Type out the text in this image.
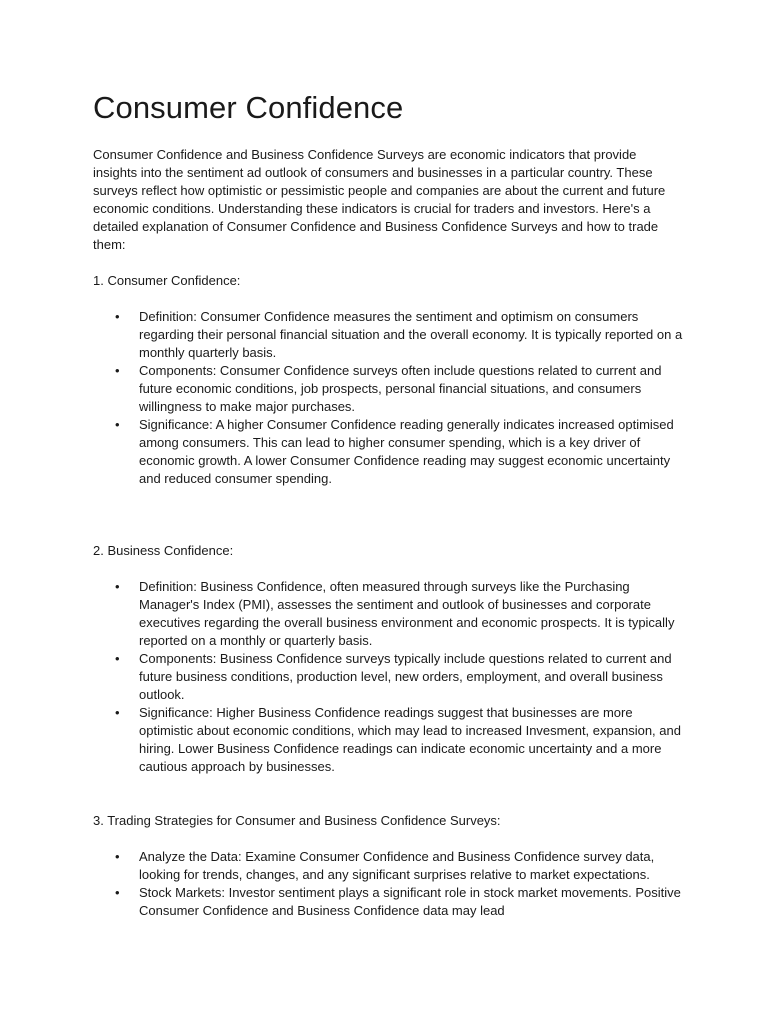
Consumer Confidence

Consumer Confidence and Business Confidence Surveys are economic indicators that provide insights into the sentiment ad outlook of consumers and businesses in a particular country. These surveys reflect how optimistic or pessimistic people and companies are about the current and future economic conditions. Understanding these indicators is crucial for traders and investors. Here's a detailed explanation of Consumer Confidence and Business Confidence Surveys and how to trade them:

1. Consumer Confidence:

•	Definition: Consumer Confidence measures the sentiment and optimism on consumers regarding their personal financial situation and the overall economy. It is typically reported on a monthly quarterly basis.
•	Components: Consumer Confidence surveys often include questions related to current and future economic conditions, job prospects, personal financial situations, and consumers willingness to make major purchases.
•	Significance: A higher Consumer Confidence reading generally indicates increased optimised among consumers. This can lead to higher consumer spending, which is a key driver of economic growth. A lower Consumer Confidence reading may suggest economic uncertainty and reduced consumer spending.

2. Business Confidence:

•	Definition: Business Confidence, often measured through surveys like the Purchasing Manager's Index (PMI), assesses the sentiment and outlook of businesses and corporate executives regarding the overall business environment and economic prospects. It is typically reported on a monthly or quarterly basis.
•	Components: Business Confidence surveys typically include questions related to current and future business conditions, production level, new orders, employment, and overall business outlook.
•	Significance: Higher Business Confidence readings suggest that businesses are more optimistic about economic conditions, which may lead to increased Invesment, expansion, and hiring. Lower Business Confidence readings can indicate economic uncertainty and a more cautious approach by businesses.

3. Trading Strategies for Consumer and Business Confidence Surveys:

•	Analyze the Data: Examine Consumer Confidence and Business Confidence survey data, looking for trends, changes, and any significant surprises relative to market expectations.
•	Stock Markets: Investor sentiment plays a significant role in stock market movements. Positive Consumer Confidence and Business Confidence data may lead
